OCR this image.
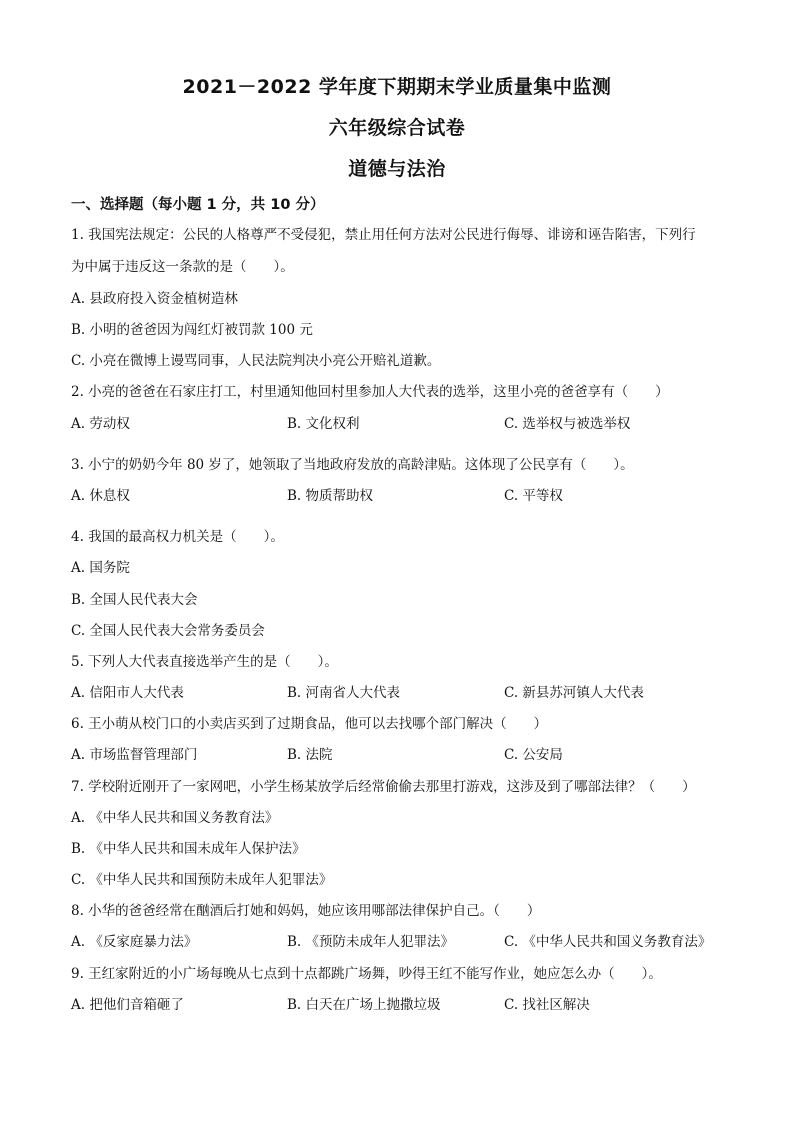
2021－2022 学年度下期期末学业质量集中监测
六年级综合试卷
道德与法治
一、选择题（每小题 1 分，共 10 分）
1. 我国宪法规定：公民的人格尊严不受侵犯，禁止用任何方法对公民进行侮辱、诽谤和诬告陷害，下列行
为中属于违反这一条款的是（　　）。
A. 县政府投入资金植树造林
B. 小明的爸爸因为闯红灯被罚款 100 元
C. 小亮在微博上谩骂同事，人民法院判决小亮公开赔礼道歉。
2. 小亮的爸爸在石家庄打工，村里通知他回村里参加人大代表的选举，这里小亮的爸爸享有（　　）
A. 劳动权	B. 文化权利	C. 选举权与被选举权
3. 小宁的奶奶今年 80 岁了，她领取了当地政府发放的高龄津贴。这体现了公民享有（　　）。
A. 休息权	B. 物质帮助权	C. 平等权
4. 我国的最高权力机关是（　　）。
A. 国务院
B. 全国人民代表大会
C. 全国人民代表大会常务委员会
5. 下列人大代表直接选举产生的是（　　）。
A. 信阳市人大代表	B. 河南省人大代表	C. 新县苏河镇人大代表
6. 王小萌从校门口的小卖店买到了过期食品，他可以去找哪个部门解决（　　）
A. 市场监督管理部门	B. 法院	C. 公安局
7. 学校附近刚开了一家网吧，小学生杨某放学后经常偷偷去那里打游戏，这涉及到了哪部法律？（　　）
A. 《中华人民共和国义务教育法》
B. 《中华人民共和国未成年人保护法》
C. 《中华人民共和国预防未成年人犯罪法》
8. 小华的爸爸经常在酗酒后打她和妈妈，她应该用哪部法律保护自己。（　　）
A. 《反家庭暴力法》	B. 《预防未成年人犯罪法》	C. 《中华人民共和国义务教育法》
9. 王红家附近的小广场每晚从七点到十点都跳广场舞，吵得王红不能写作业，她应怎么办（　　）。
A. 把他们音箱砸了	B. 白天在广场上抛撒垃圾	C. 找社区解决
